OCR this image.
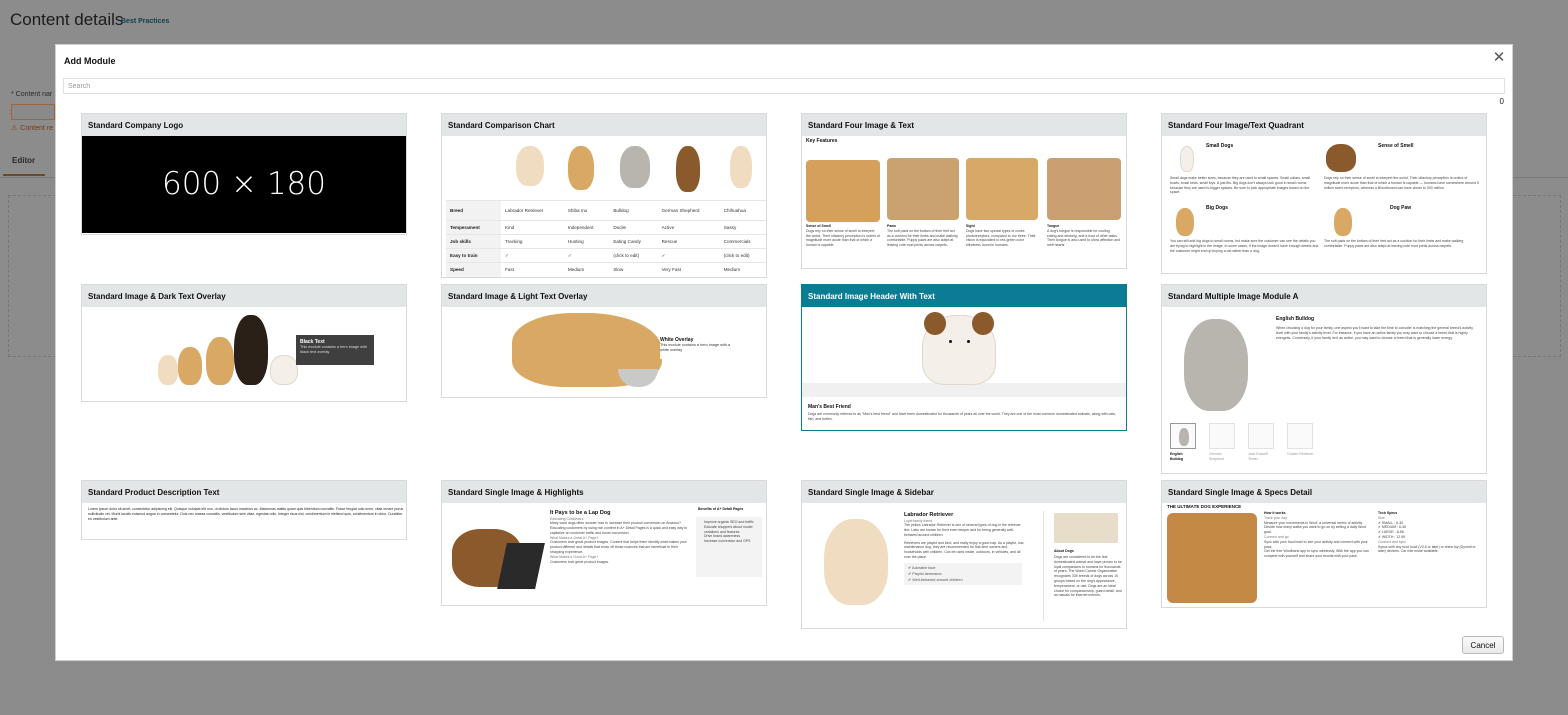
Content details
Best Practices
* Content nar
⚠ Content re
Editor
Add Module	✕
Search
0
Standard Company Logo
600 × 180
Standard Comparison Chart
Breed	Labrador Retriever	Shiba Inu	Bulldog	German Shepherd	Chihuahua
Temperament	Kind	Independent	Docile	Active	Sassy
Job skills	Tracking	Hunting	Eating Candy	Rescue	Commercials
Easy to train	✓	✓	(click to edit)	✓	(click to edit)
Speed	Fast	Medium	Slow	Very Fast	Medium
Standard Four Image & Text
Key Features
Sense of Smell
Dogs rely on their sense of smell to interpret the world. Their olfactory perception is orders of magnitude more acute than that of which a human is capable.
Paws
The soft pads on the bottom of their feet act as a cushion for their limbs and make walking comfortable. Puppy paws are also adept at leaving cute mud prints across carpets.
Sight
Dogs have two special types of cones photoreceptors, compared to our three. Their vision is equivalent to red-green color blindness found in humans.
Tongue
A dog's tongue is responsible for cooling, eating and drinking, and a host of other tasks. Their tongue is also used to show affection and melt hearts.
Standard Four Image/Text Quadrant
Small Dogs
Small dogs make better sizes, because they are used to small spaces. Small collars, small bowls, small beds, small toys. A just fits. Big dogs don't always look good in small rooms, because they are used to bigger spaces. Be sure to pick appropriate images based on the space.
Sense of Smell
Dogs rely on their sense of smell to interpret the world. Their olfactory perception is orders of magnitude more acute than that of which a human is capable — humans have somewhere around 5 million scent receptors, whereas a Bloodhound can have closer to 300 million.
Big Dogs
You can still add big dogs to small rooms, but make sure the customer can see the details you are trying to highlight in the image. In some cases, if the image doesn't have enough details and the customer might end up buying a cat rather than a dog.
Dog Paw
The soft pads on the bottom of their feet act as a cushion for their limbs and make walking comfortable. Puppy paws are also adept at leaving cute mud prints across carpets.
Standard Image & Dark Text Overlay
Black Text
This module contains a hero image with black text overlay
Standard Image & Light Text Overlay
White Overlay
This module contains a hero image with a white overlay
Standard Image Header With Text
Man's Best Friend
Dogs are commonly referred to as "Man's best friend" and have been domesticated for thousands of years all over the world. They are one of the most common domesticated animals, along with cats, fish, and turtles.
Standard Multiple Image Module A
English Bulldog
When choosing a dog for your family, one aspect you'll want to take the time to consider is matching the general breed's activity level with your family's activity level. For instance, if you have an active family you may want to choose a breed that is highly energetic. Conversely, if your family isn't as active, you may want to choose a breed that is generally lower energy.
English Bulldog
German Shepherd
Jack Russell Terrier
Golden Retriever
Standard Product Description Text
Lorem ipsum dolor sit amet, consectetur adipiscing elit. Quisque volutpat elit non, ut dictum lacus maximus ac. Maecenas mattis quam quis bibendum convallis. Fusce feugiat odio enim, vitae ornare purus sollicitudin vel. Morbi iaculis euismod augue in consectetur. Duis nec massa convallis, vestibulum sem vitae, egestas odio. Integer risus nisl, condimentum in eleifend quis, condimentum in dolor. Curabitur eu vestibulum ante.
Standard Single Image & Highlights
It Pays to be a Lap Dog
Educating Customers
Many want dogs often wonder how to increase their product conversion on Amazon? Educating customers by using rich content in A+ Detail Pages is a quick and easy way to capitalize on customer traffic and boost conversion.
What Makes a Great A+ Page?
Customers love great product images. Content that helps them identify what makes your product different and details that show off those nuances that are beneficial to their shopping experience.
What Makes a Good A+ Page?
Customers love great product images.
Benefits of A+ Detail Pages
Improve organic SEO and traffic
Educate shoppers about model variations and features
Drive brand awareness
Increase conversion and GPS
Standard Single Image & Sidebar
Labrador Retriever
Loyal family friend
The yellow Labrador Retriever is one of several types of dog in the retriever line. Labs are known for their even temper and for being generally well-behaved around children.
Retrievers are playful and kind, and really enjoy a good nap. As a playful, low-maintenance dog, they are recommended for first-time owners and households with children. Can be used inside, outdoors, in vehicles, and all over the place.
✔ Adorable face
✔ Playful demeanor
✔ Well-behaved around children
About Dogs
Dogs are considered to be the first domesticated animal and have proven to be loyal companions to humans for thousands of years. The World Canine Organization recognizes 339 breeds of dogs across 10 groups based on the dog's appearance, temperament, or use. Dogs are an ideal choice for companionship, guard detail, and as rascals for internet memes.
Standard Single Image & Specs Detail
THE ULTIMATE DOG EXPERIENCE
How it works
Track your day
Measure your movements in Woof, a universal metric of activity.
Decide how many walks you want to go on by setting a daily Woof goal.
Connect and go
Sync with your food bowl to see your activity and connect with your pack.
Get the free Woofband app to sync wirelessly. With the app you can compete with yourself and share your results with your pack.
Tech Specs
Size
✔ SMALL : 6-30
✔ MEDIUM : 6-36
✔ LARGE : 8-56
✔ WIDTH : 12.95
Connect and sync
Syncs with any food bowl (V0.6 or later) or chew toy (Dynmit or later) devices. Car ride mode available.
Cancel
